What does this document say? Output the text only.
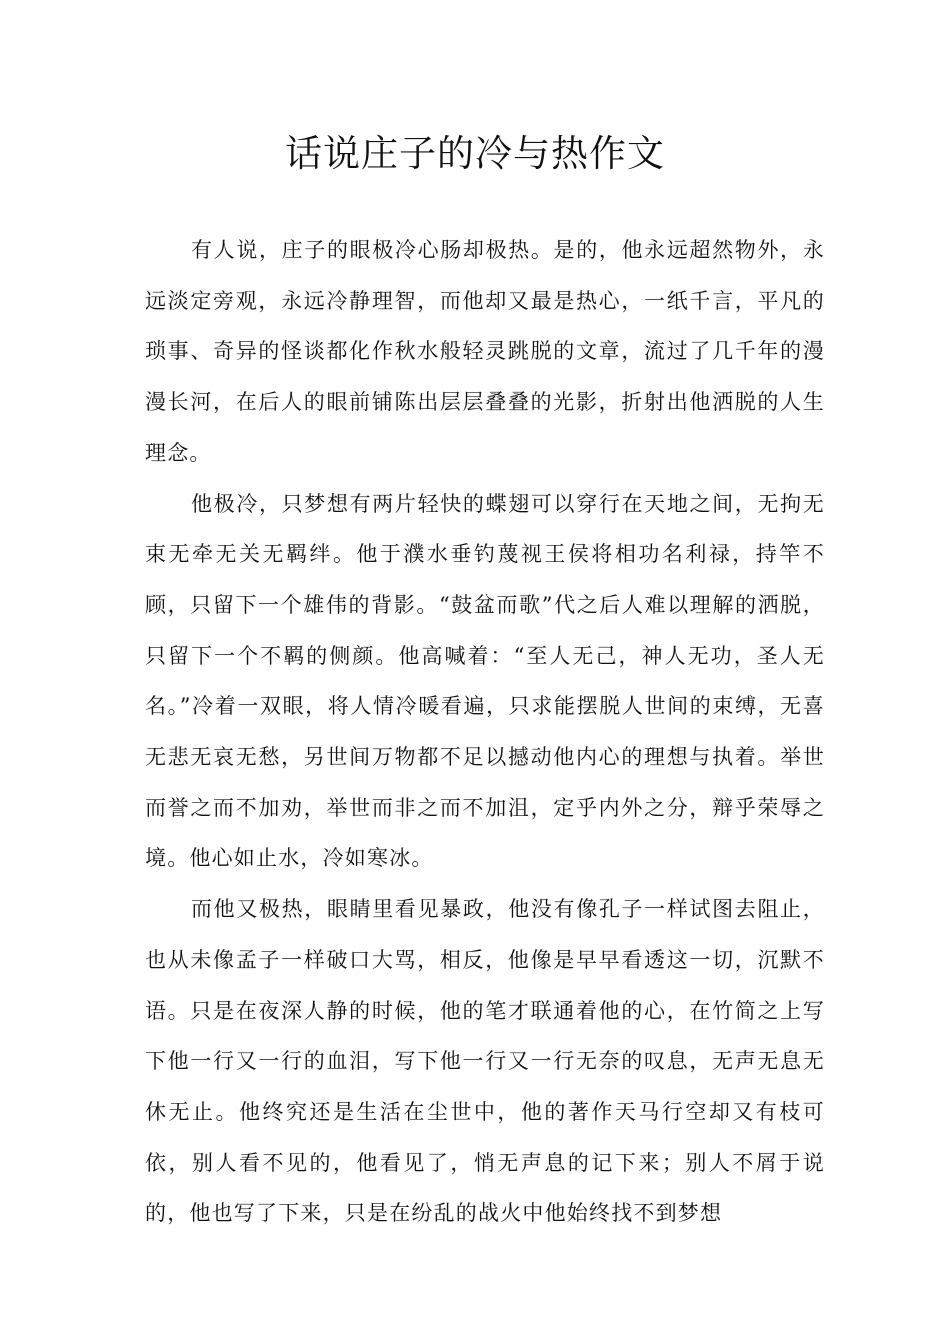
话说庄子的冷与热作文

有人说，庄子的眼极冷心肠却极热。是的，他永远超然物外，永远淡定旁观，永远冷静理智，而他却又最是热心，一纸千言，平凡的琐事、奇异的怪谈都化作秋水般轻灵跳脱的文章，流过了几千年的漫漫长河，在后人的眼前铺陈出层层叠叠的光影，折射出他洒脱的人生理念。

他极冷，只梦想有两片轻快的蝶翅可以穿行在天地之间，无拘无束无牵无关无羁绊。他于濮水垂钓蔑视王侯将相功名利禄，持竿不顾，只留下一个雄伟的背影。“鼓盆而歌”代之后人难以理解的洒脱，只留下一个不羁的侧颜。他高喊着：“至人无己，神人无功，圣人无名。”冷着一双眼，将人情冷暖看遍，只求能摆脱人世间的束缚，无喜无悲无哀无愁，另世间万物都不足以撼动他内心的理想与执着。举世而誉之而不加劝，举世而非之而不加沮，定乎内外之分，辩乎荣辱之境。他心如止水，冷如寒冰。

而他又极热，眼睛里看见暴政，他没有像孔子一样试图去阻止，也从未像孟子一样破口大骂，相反，他像是早早看透这一切，沉默不语。只是在夜深人静的时候，他的笔才联通着他的心，在竹简之上写下他一行又一行的血泪，写下他一行又一行无奈的叹息，无声无息无休无止。他终究还是生活在尘世中，他的著作天马行空却又有枝可依，别人看不见的，他看见了，悄无声息的记下来；别人不屑于说的，他也写了下来，只是在纷乱的战火中他始终找不到梦想
